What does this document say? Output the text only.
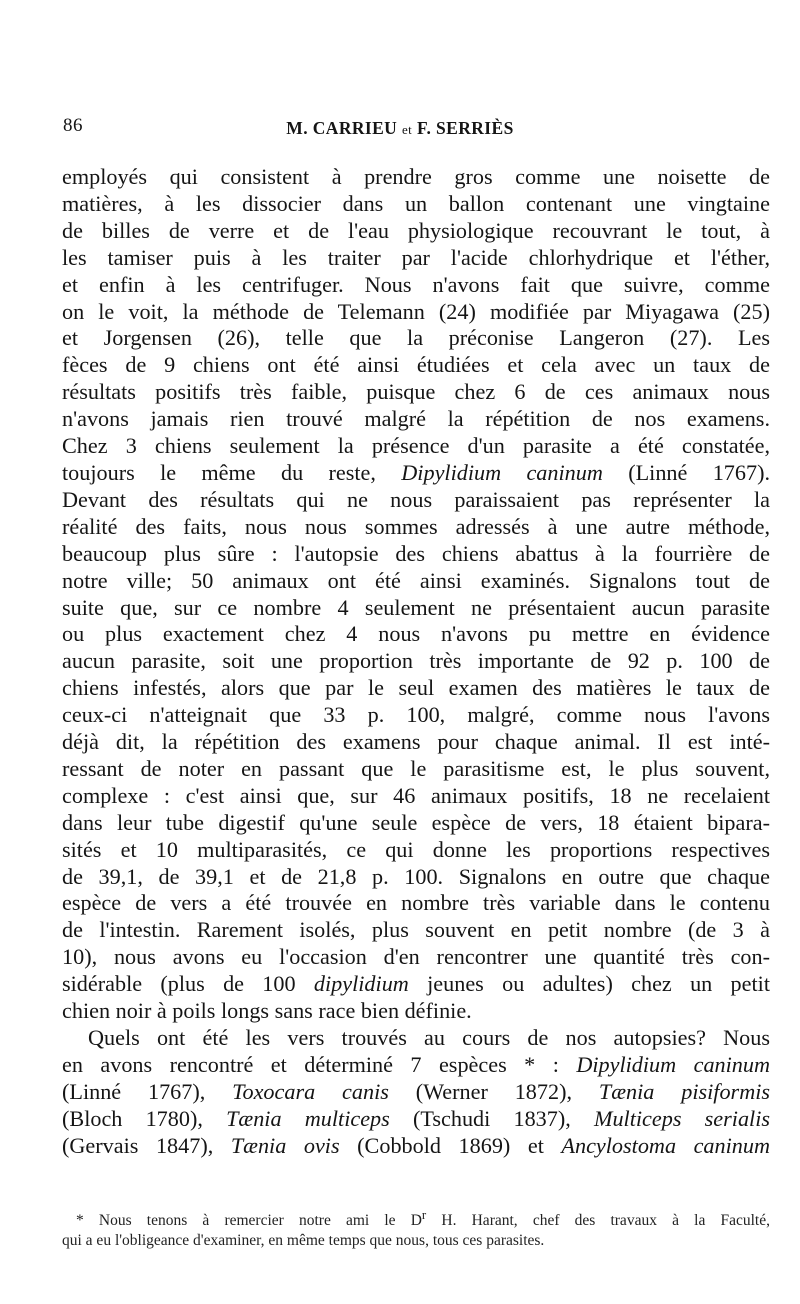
86	M. CARRIEU et F. SERRIÈS
employés qui consistent à prendre gros comme une noisette de
matières, à les dissocier dans un ballon contenant une vingtaine
de billes de verre et de l'eau physiologique recouvrant le tout, à
les tamiser puis à les traiter par l'acide chlorhydrique et l'éther,
et enfin à les centrifuger. Nous n'avons fait que suivre, comme
on le voit, la méthode de Telemann (24) modifiée par Miyagawa (25)
et Jorgensen (26), telle que la préconise Langeron (27). Les
fèces de 9 chiens ont été ainsi étudiées et cela avec un taux de
résultats positifs très faible, puisque chez 6 de ces animaux nous
n'avons jamais rien trouvé malgré la répétition de nos examens.
Chez 3 chiens seulement la présence d'un parasite a été constatée,
toujours le même du reste, Dipylidium caninum (Linné 1767).
Devant des résultats qui ne nous paraissaient pas représenter la
réalité des faits, nous nous sommes adressés à une autre méthode,
beaucoup plus sûre : l'autopsie des chiens abattus à la fourrière de
notre ville; 50 animaux ont été ainsi examinés. Signalons tout de
suite que, sur ce nombre 4 seulement ne présentaient aucun parasite
ou plus exactement chez 4 nous n'avons pu mettre en évidence
aucun parasite, soit une proportion très importante de 92 p. 100 de
chiens infestés, alors que par le seul examen des matières le taux de
ceux-ci n'atteignait que 33 p. 100, malgré, comme nous l'avons
déjà dit, la répétition des examens pour chaque animal. Il est inté-
ressant de noter en passant que le parasitisme est, le plus souvent,
complexe : c'est ainsi que, sur 46 animaux positifs, 18 ne recelaient
dans leur tube digestif qu'une seule espèce de vers, 18 étaient bipara-
sités et 10 multiparasités, ce qui donne les proportions respectives
de 39,1, de 39,1 et de 21,8 p. 100. Signalons en outre que chaque
espèce de vers a été trouvée en nombre très variable dans le contenu
de l'intestin. Rarement isolés, plus souvent en petit nombre (de 3 à
10), nous avons eu l'occasion d'en rencontrer une quantité très con-
sidérable (plus de 100 dipylidium jeunes ou adultes) chez un petit
chien noir à poils longs sans race bien définie.
Quels ont été les vers trouvés au cours de nos autopsies? Nous
en avons rencontré et déterminé 7 espèces * : Dipylidium caninum
(Linné 1767), Toxocara canis (Werner 1872), Tænia pisiformis
(Bloch 1780), Tænia multiceps (Tschudi 1837), Multiceps serialis
(Gervais 1847), Tænia ovis (Cobbold 1869) et Ancylostoma caninum
* Nous tenons à remercier notre ami le $D^r$ H. Harant, chef des travaux à la Faculté,
qui a eu l'obligeance d'examiner, en même temps que nous, tous ces parasites.
